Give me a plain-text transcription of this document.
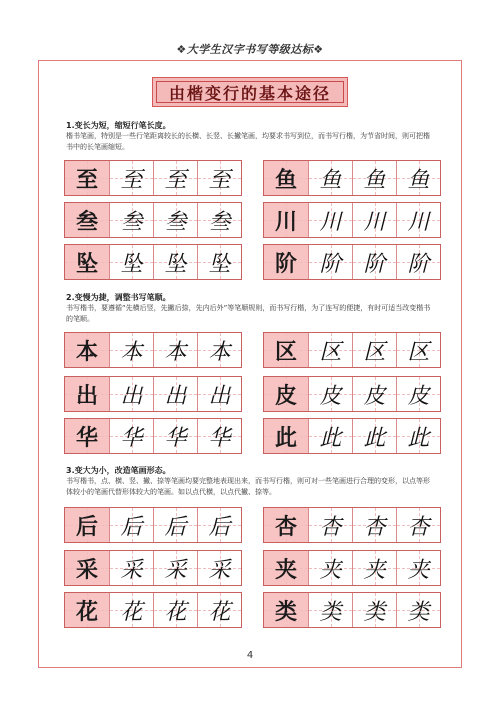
❖大学生汉字书写等级达标❖
由楷变行的基本途径
1.变长为短，缩短行笔长度。
楷书笔画，特别是一些行笔距离较长的长横、长竖、长撇笔画，均要求书写到位，而书写行楷，为节省时间，则可把楷书中的长笔画缩短。
至 至 至 至
叁 叁 叁 叁
坠 坠 坠 坠
鱼 鱼 鱼 鱼
川 川 川 川
阶 阶 阶 阶
2.变慢为捷，调整书写笔顺。
书写楷书，要遵循“先横后竖，先撇后捺，先内后外”等笔顺规则，而书写行楷，为了连写的便捷，有时可适当改变楷书的笔顺。
本 本 本 本
出 出 出 出
华 华 华 华
区 区 区 区
皮 皮 皮 皮
此 此 此 此
3.变大为小，改造笔画形态。
书写楷书，点、横、竖、撇、捺等笔画均要完整地表现出来，而书写行楷，则可对一些笔画进行合理的变形，以点等形体较小的笔画代替形体较大的笔画。如以点代横，以点代撇、捺等。
后 后 后 后
采 采 采 采
花 花 花 花
杏 杏 杏 杏
夹 夹 夹 夹
类 类 类 类
4
